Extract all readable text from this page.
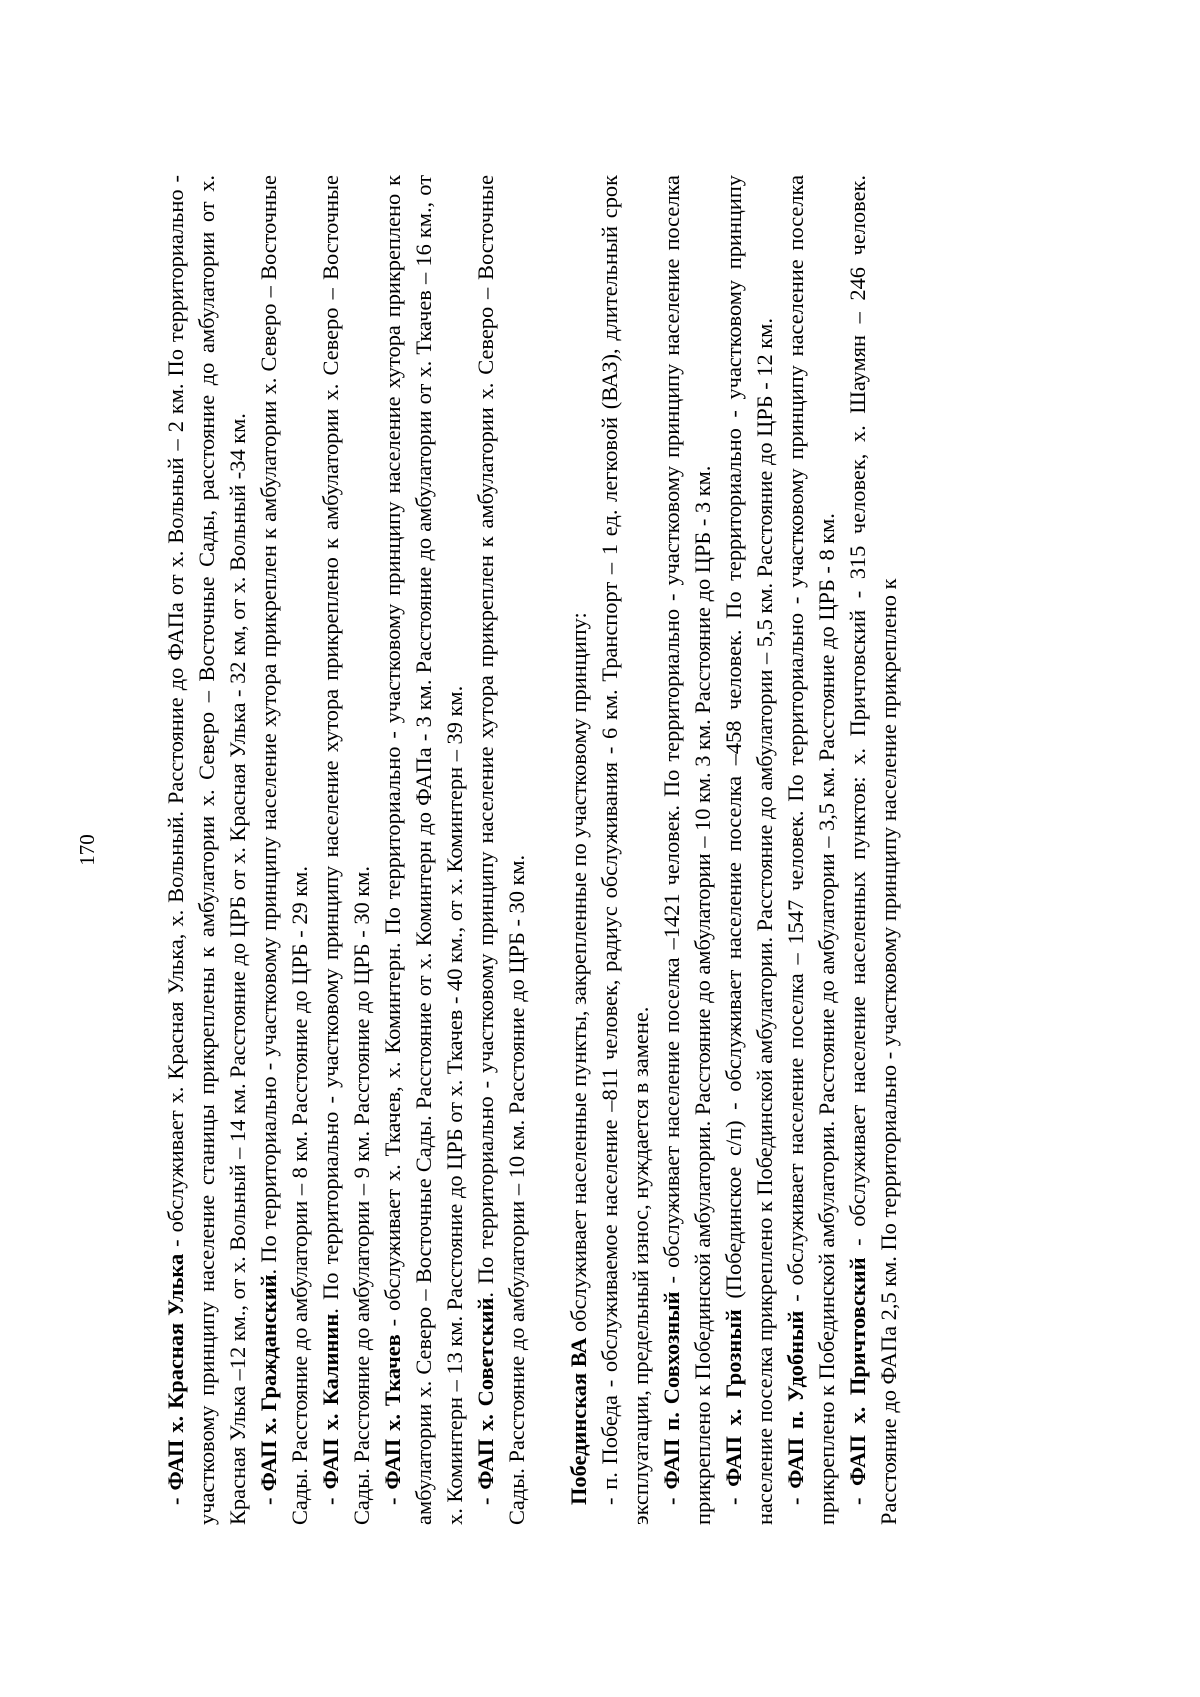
170

- ФАП х. Красная Улька - обслуживает х. Красная Улька, х. Вольный. Расстояние до ФАПа от х. Вольный – 2 км. По территориально - участковому принципу население станицы прикреплены к амбулатории х. Северо – Восточные Сады, расстояние до амбулатории от х. Красная Улька –12 км., от х. Вольный – 14 км. Расстояние до ЦРБ от х. Красная Улька - 32 км, от х. Вольный -34 км. - ФАП х. Гражданский. По территориально - участковому принципу население хутора прикреплен к амбулатории х. Северо – Восточные Сады. Расстояние до амбулатории – 8 км. Расстояние до ЦРБ - 29 км. - ФАП х. Калинин. По территориально - участковому принципу население хутора прикреплено к амбулатории х. Северо – Восточные Сады. Расстояние до амбулатории – 9 км. Расстояние до ЦРБ - 30 км. - ФАП х. Ткачев - обслуживает х. Ткачев, х. Коминтерн. По территориально - участковому принципу население хутора прикреплено к амбулатории х. Северо – Восточные Сады. Расстояние от х. Коминтерн до ФАПа - 3 км. Расстояние до амбулатории от х. Ткачев – 16 км., от х. Коминтерн – 13 км. Расстояние до ЦРБ от х. Ткачев - 40 км., от х. Коминтерн – 39 км. - ФАП х. Советский. По территориально - участковому принципу население хутора прикреплен к амбулатории х. Северо – Восточные Сады. Расстояние до амбулатории – 10 км. Расстояние до ЦРБ - 30 км. Побединская ВА обслуживает населенные пункты, закрепленные по участковому принципу: - п. Победа - обслуживаемое население –811 человек, радиус обслуживания - 6 км. Транспорт – 1 ед. легковой (ВАЗ), длительный срок эксплуатации, предельный износ, нуждается в замене. - ФАП п. Совхозный - обслуживает население поселка –1421 человек. По территориально - участковому принципу население поселка прикреплено к Побединской амбулатории. Расстояние до амбулатории – 10 км. 3 км. Расстояние до ЦРБ - 3 км. - ФАП х. Грозный (Побединское с/п) - обслуживает население поселка –458 человек. По территориально - участковому принципу население поселка прикреплено к Побединской амбулатории. Расстояние до амбулатории – 5,5 км. Расстояние до ЦРБ - 12 км. - ФАП п. Удобный - обслуживает население поселка – 1547 человек. По территориально - участковому принципу население поселка прикреплено к Побединской амбулатории. Расстояние до амбулатории – 3,5 км. Расстояние до ЦРБ - 8 км. - ФАП х. Причтовский - обслуживает население населенных пунктов: х. Причтовский - 315 человек, х. Шаумян – 246 человек. Расстояние до ФАПа 2,5 км. По территориально - участковому принципу население прикреплено к
